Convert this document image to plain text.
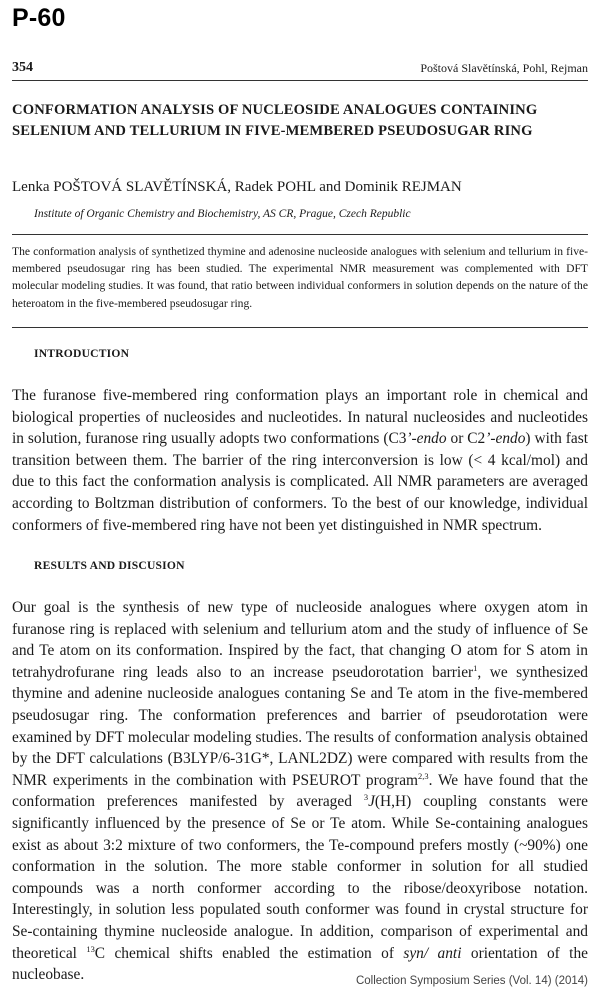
P-60
354	Poštová Slavětínská, Pohl, Rejman
CONFORMATION ANALYSIS OF NUCLEOSIDE ANALOGUES CONTAINING SELENIUM AND TELLURIUM IN FIVE-MEMBERED PSEUDOSUGAR RING
Lenka POŠTOVÁ SLAVĚTÍNSKÁ, Radek POHL and Dominik REJMAN
Institute of Organic Chemistry and Biochemistry, AS CR, Prague, Czech Republic
The conformation analysis of synthetized thymine and adenosine nucleoside analogues with selenium and tellurium in five-membered pseudosugar ring has been studied. The experimental NMR measurement was complemented with DFT molecular modeling studies. It was found, that ratio between individual conformers in solution depends on the nature of the heteroatom in the five-membered pseudosugar ring.
INTRODUCTION

The furanose five-membered ring conformation plays an important role in chemical and biological properties of nucleosides and nucleotides. In natural nucleosides and nucleotides in solution, furanose ring usually adopts two conformations (C3’-endo or C2’-endo) with fast transition between them. The barrier of the ring interconversion is low (< 4 kcal/mol) and due to this fact the conformation analysis is complicated. All NMR parameters are averaged according to Boltzman distribution of conformers. To the best of our knowledge, individual conformers of five-membered ring have not been yet distinguished in NMR spectrum.

RESULTS AND DISCUSION

Our goal is the synthesis of new type of nucleoside analogues where oxygen atom in furanose ring is replaced with selenium and tellurium atom and the study of influence of Se and Te atom on its conformation. Inspired by the fact, that changing O atom for S atom in tetrahydrofurane ring leads also to an increase pseudorotation barrier$^1$, we synthesized thymine and adenine nucleoside analogues contaning Se and Te atom in the five-membered pseudosugar ring. The conformation preferences and barrier of pseudorotation were examined by DFT molecular modeling studies. The results of conformation analysis obtained by the DFT calculations (B3LYP/6-31G*, LANL2DZ) were compared with results from the NMR experiments in the combination with PSEUROT program$^{2,3}$. We have found that the conformation preferences manifested by averaged $^3$J(H,H) coupling constants were significantly influenced by the presence of Se or Te atom. While Se-containing analogues exist as about 3:2 mixture of two conformers, the Te-compound prefers mostly (~90%) one conformation in the solution. The more stable conformer in solution for all studied compounds was a north conformer according to the ribose/deoxyribose notation. Interestingly, in solution less populated south conformer was found in crystal structure for Se-containing thymine nucleoside analogue. In addition, comparison of experimental and theoretical $^{13}$C chemical shifts enabled the estimation of syn/ anti orientation of the nucleobase.	Collection Symposium Series (Vol. 14) (2014)
